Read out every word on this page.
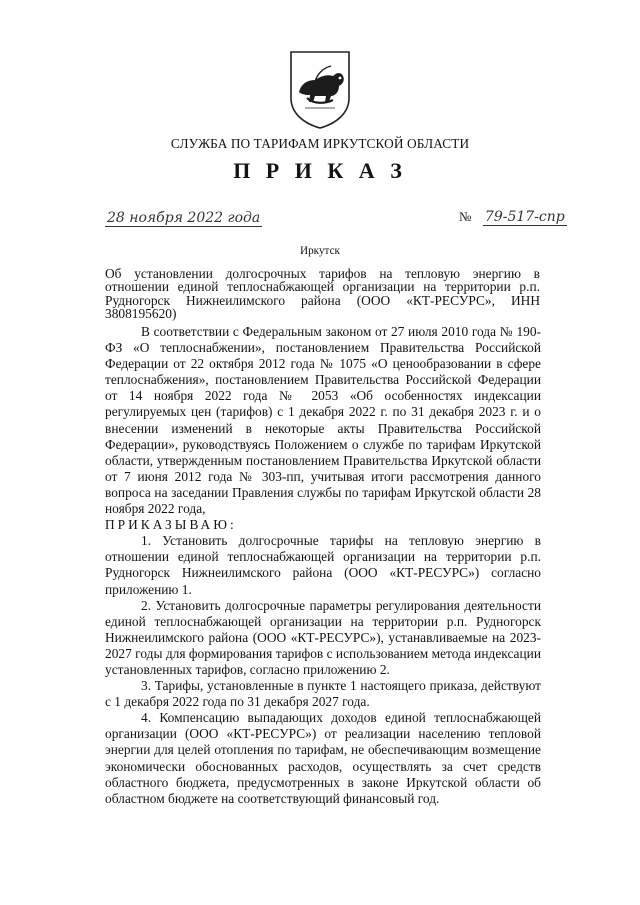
СЛУЖБА ПО ТАРИФАМ ИРКУТСКОЙ ОБЛАСТИ
П Р И К А З
28 ноября 2022 года	№ 79-517-спр
Иркутск

Об установлении долгосрочных тарифов на тепловую энергию в отношении единой теплоснабжающей организации на территории р.п. Рудногорск Нижнеилимского района (ООО «КТ-РЕСУРС», ИНН 3808195620)

В соответствии с Федеральным законом от 27 июля 2010 года № 190-ФЗ «О теплоснабжении», постановлением Правительства Российской Федерации от 22 октября 2012 года № 1075 «О ценообразовании в сфере теплоснабжения», постановлением Правительства Российской Федерации от 14 ноября 2022 года № 2053 «Об особенностях индексации регулируемых цен (тарифов) с 1 декабря 2022 г. по 31 декабря 2023 г. и о внесении изменений в некоторые акты Правительства Российской Федерации», руководствуясь Положением о службе по тарифам Иркутской области, утвержденным постановлением Правительства Иркутской области от 7 июня 2012 года № 303-пп, учитывая итоги рассмотрения данного вопроса на заседании Правления службы по тарифам Иркутской области 28 ноября 2022 года,

ПРИКАЗЫВАЮ:

1. Установить долгосрочные тарифы на тепловую энергию в отношении единой теплоснабжающей организации на территории р.п. Рудногорск Нижнеилимского района (ООО «КТ-РЕСУРС») согласно приложению 1.

2. Установить долгосрочные параметры регулирования деятельности единой теплоснабжающей организации на территории р.п. Рудногорск Нижнеилимского района (ООО «КТ-РЕСУРС»), устанавливаемые на 2023-2027 годы для формирования тарифов с использованием метода индексации установленных тарифов, согласно приложению 2.

3. Тарифы, установленные в пункте 1 настоящего приказа, действуют с 1 декабря 2022 года по 31 декабря 2027 года.

4. Компенсацию выпадающих доходов единой теплоснабжающей организации (ООО «КТ-РЕСУРС») от реализации населению тепловой энергии для целей отопления по тарифам, не обеспечивающим возмещение экономически обоснованных расходов, осуществлять за счет средств областного бюджета, предусмотренных в законе Иркутской области об областном бюджете на соответствующий финансовый год.
